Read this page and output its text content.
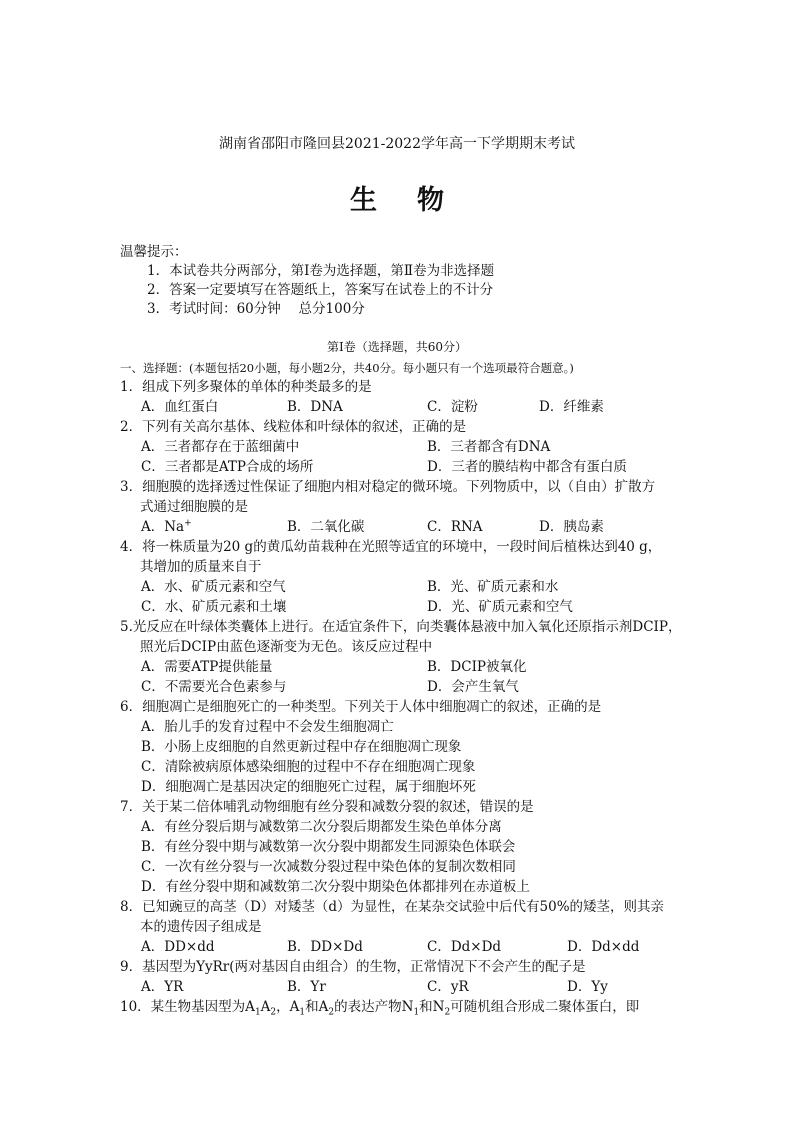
湖南省邵阳市隆回县2021-2022学年高一下学期期末考试
生物
温馨提示：
1．本试卷共分两部分，第Ⅰ卷为选择题，第Ⅱ卷为非选择题
2．答案一定要填写在答题纸上，答案写在试卷上的不计分
3．考试时间：60分钟　 总分100分
第Ⅰ卷（选择题，共60分）
一、选择题：(本题包括20小题，每小题2分，共40分。每小题只有一个选项最符合题意。)
1．组成下列多聚体的单体的种类最多的是
A．血红蛋白	B．DNA	C．淀粉	D．纤维素
2．下列有关高尔基体、线粒体和叶绿体的叙述，正确的是
A．三者都存在于蓝细菌中	B．三者都含有DNA
C．三者都是ATP合成的场所	D．三者的膜结构中都含有蛋白质
3．细胞膜的选择透过性保证了细胞内相对稳定的微环境。下列物质中，以（自由）扩散方
式通过细胞膜的是
A．Na+	B．二氧化碳	C．RNA	D．胰岛素
4．将一株质量为20 g的黄瓜幼苗栽种在光照等适宜的环境中，一段时间后植株达到40 g，
其增加的质量来自于
A．水、矿质元素和空气	B．光、矿质元素和水
C．水、矿质元素和土壤	D．光、矿质元素和空气
5.光反应在叶绿体类囊体上进行。在适宜条件下，向类囊体悬液中加入氧化还原指示剂DCIP，
照光后DCIP由蓝色逐渐变为无色。该反应过程中
A．需要ATP提供能量	B．DCIP被氧化
C．不需要光合色素参与	D．会产生氧气
6．细胞凋亡是细胞死亡的一种类型。下列关于人体中细胞凋亡的叙述，正确的是
A．胎儿手的发育过程中不会发生细胞凋亡
B．小肠上皮细胞的自然更新过程中存在细胞凋亡现象
C．清除被病原体感染细胞的过程中不存在细胞凋亡现象
D．细胞凋亡是基因决定的细胞死亡过程，属于细胞坏死
7．关于某二倍体哺乳动物细胞有丝分裂和减数分裂的叙述，错误的是
A．有丝分裂后期与减数第二次分裂后期都发生染色单体分离
B．有丝分裂中期与减数第一次分裂中期都发生同源染色体联会
C．一次有丝分裂与一次减数分裂过程中染色体的复制次数相同
D．有丝分裂中期和减数第二次分裂中期染色体都排列在赤道板上
8．已知豌豆的高茎（D）对矮茎（d）为显性，在某杂交试验中后代有50%的矮茎，则其亲
本的遗传因子组成是
A．DD×dd	B．DD×Dd	C．Dd×Dd	D．Dd×dd
9．基因型为YyRr(两对基因自由组合）的生物，正常情况下不会产生的配子是
A．YR	B．Yr	C．yR	D．Yy
10．某生物基因型为$A_1A_2$，$A_1$和$A_2$的表达产物$N_1$和$N_2$可随机组合形成二聚体蛋白，即
